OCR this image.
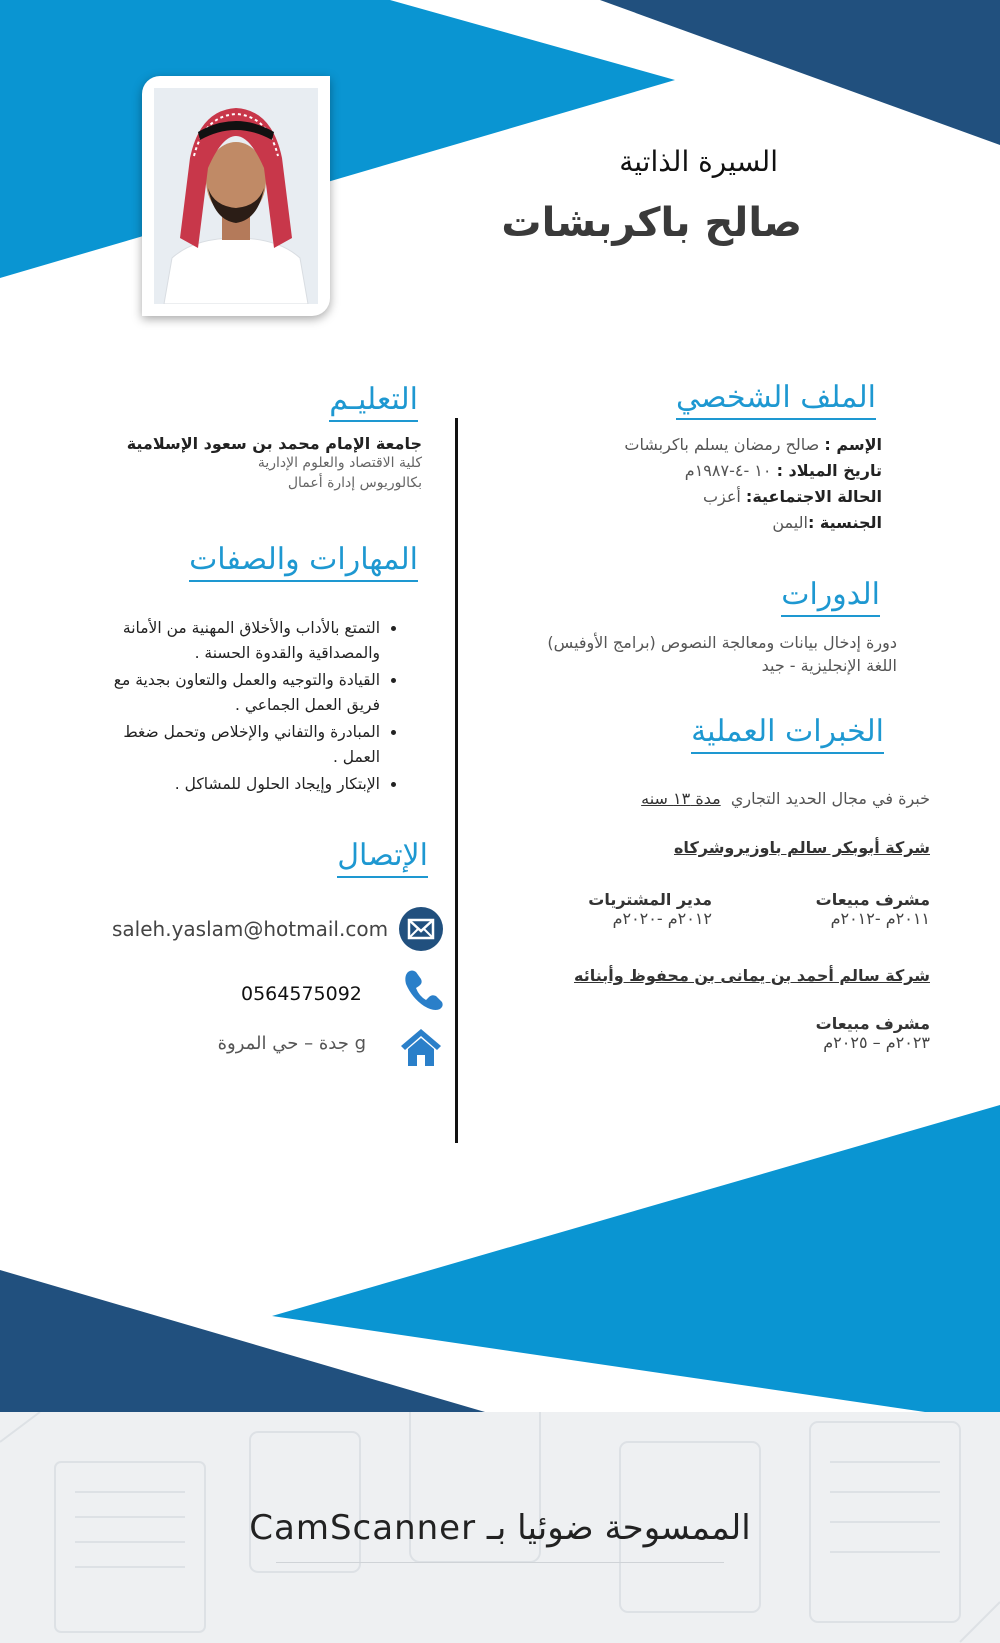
السيرة الذاتية
صالح باكربشات
الملف الشخصي
الإسم : صالح رمضان يسلم باكربشات
تاريخ الميلاد : ١٠ -٤-١٩٨٧م
الحالة الاجتماعية: أعزب
الجنسية :اليمن
الدورات
دورة إدخال بيانات ومعالجة النصوص (برامج الأوفيس)
اللغة الإنجليزية - جيد
الخبرات العملية
خبرة في مجال الحديد التجاري  مدة ١٣ سنه
شركة أبوبكر سالم باوزيروشركاه
مشرف مبيعات
٢٠١١م -٢٠١٢م
مدير المشتريات
٢٠١٢م -٢٠٢٠م
شركة سالم أحمد بن يمانى بن محفوظ وأبنائه
مشرف مبيعات
٢٠٢٣م – ٢٠٢٥م
التعليـم
جامعة الإمام محمد بن سعود الإسلامية
كلية الاقتصاد والعلوم الإدارية
بكالوريوس إدارة أعمال
المهارات والصفات
• التمتع بالأداب والأخلاق المهنية من الأمانة والمصداقية والقدوة الحسنة .
• القيادة والتوجيه والعمل والتعاون بجدية مع فريق العمل الجماعي .
• المبادرة والتفاني والإخلاص وتحمل ضغط العمل .
• الإبتكار وإيجاد الحلول للمشاكل .
الإتصال
saleh.yaslam@hotmail.com
0564575092
g جدة – حي المروة
الممسوحة ضوئيا بـ CamScanner
